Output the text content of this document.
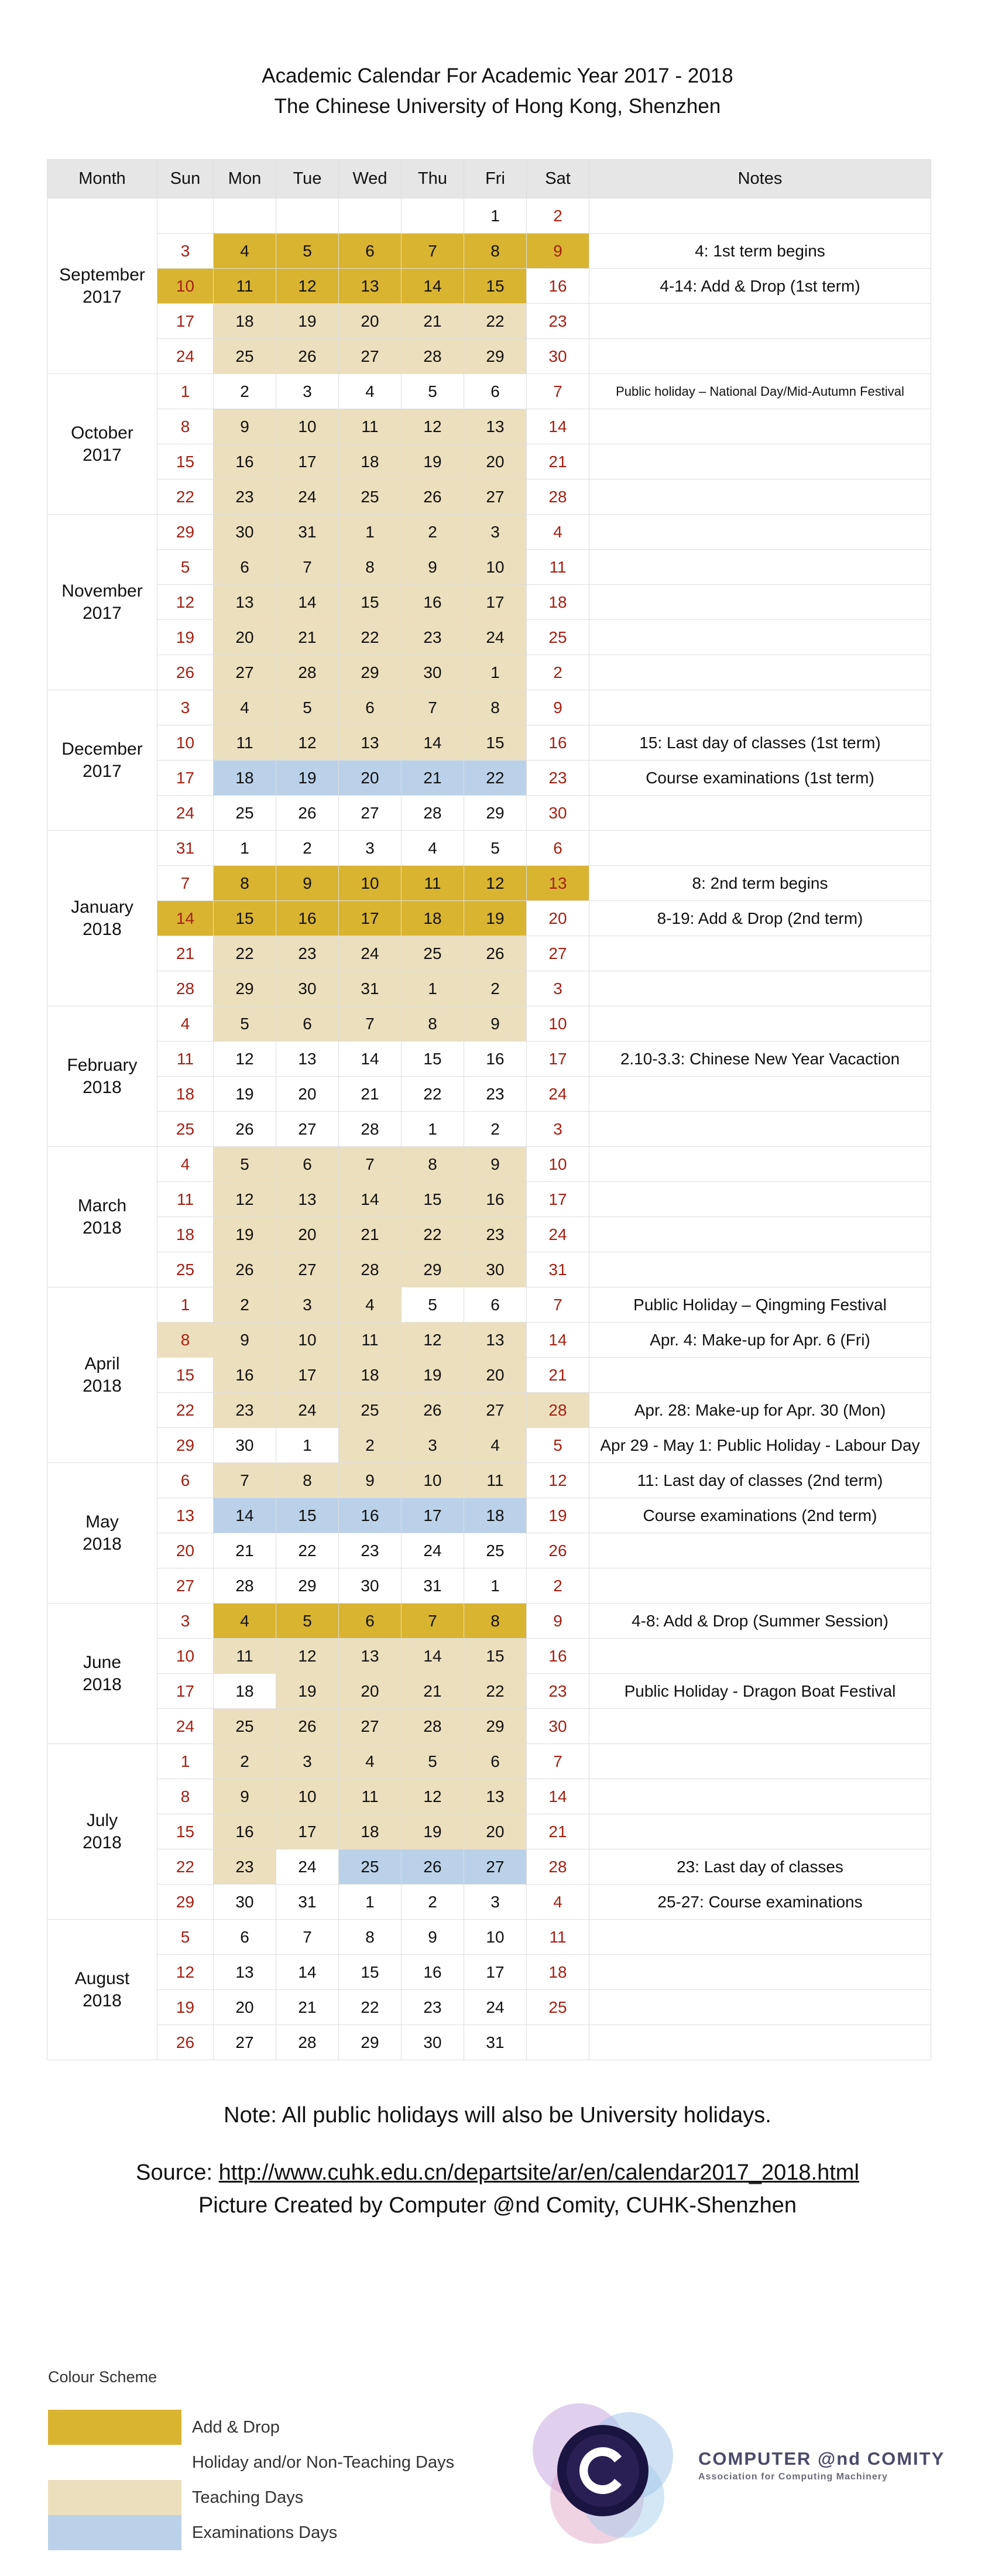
Academic Calendar For Academic Year 2017 - 2018
The Chinese University of Hong Kong, Shenzhen
Month	Sun	Mon	Tue	Wed	Thu	Fri	Sat	Notes

September
2017						1	2	
	3	4	5	6	7	8	9	4: 1st term begins
	10	11	12	13	14	15	16	4-14: Add & Drop (1st term)
	17	18	19	20	21	22	23	
	24	25	26	27	28	29	30	

October
2017	1	2	3	4	5	6	7	Public holiday – National Day/Mid-Autumn Festival
	8	9	10	11	12	13	14	
	15	16	17	18	19	20	21	
	22	23	24	25	26	27	28	

November
2017	29	30	31	1	2	3	4	
	5	6	7	8	9	10	11	
	12	13	14	15	16	17	18	
	19	20	21	22	23	24	25	
	26	27	28	29	30	1	2	

December
2017	3	4	5	6	7	8	9	
	10	11	12	13	14	15	16	15: Last day of classes (1st term)
	17	18	19	20	21	22	23	Course examinations (1st term)
	24	25	26	27	28	29	30	

January
2018	31	1	2	3	4	5	6	
	7	8	9	10	11	12	13	8: 2nd term begins
	14	15	16	17	18	19	20	8-19: Add & Drop (2nd term)
	21	22	23	24	25	26	27	
	28	29	30	31	1	2	3	

February
2018	4	5	6	7	8	9	10	
	11	12	13	14	15	16	17	2.10-3.3: Chinese New Year Vacaction
	18	19	20	21	22	23	24	
	25	26	27	28	1	2	3	

March
2018	4	5	6	7	8	9	10	
	11	12	13	14	15	16	17	
	18	19	20	21	22	23	24	
	25	26	27	28	29	30	31	

April
2018	1	2	3	4	5	6	7	Public Holiday – Qingming Festival
	8	9	10	11	12	13	14	Apr. 4: Make-up for Apr. 6 (Fri)
	15	16	17	18	19	20	21	
	22	23	24	25	26	27	28	Apr. 28: Make-up for Apr. 30 (Mon)
	29	30	1	2	3	4	5	Apr 29 - May 1: Public Holiday - Labour Day

May
2018	6	7	8	9	10	11	12	11: Last day of classes (2nd term)
	13	14	15	16	17	18	19	Course examinations (2nd term)
	20	21	22	23	24	25	26	
	27	28	29	30	31	1	2	

June
2018	3	4	5	6	7	8	9	4-8: Add & Drop (Summer Session)
	10	11	12	13	14	15	16	
	17	18	19	20	21	22	23	Public Holiday - Dragon Boat Festival
	24	25	26	27	28	29	30	

July
2018	1	2	3	4	5	6	7	
	8	9	10	11	12	13	14	
	15	16	17	18	19	20	21	
	22	23	24	25	26	27	28	23: Last day of classes
	29	30	31	1	2	3	4	25-27: Course examinations

August
2018	5	6	7	8	9	10	11	
	12	13	14	15	16	17	18	
	19	20	21	22	23	24	25	
	26	27	28	29	30	31		
Note: All public holidays will also be University holidays.
Source: http://www.cuhk.edu.cn/departsite/ar/en/calendar2017_2018.html
Picture Created by Computer @nd Comity, CUHK-Shenzhen
Colour Scheme
Add & Drop
Holiday and/or Non-Teaching Days
Teaching Days
Examinations Days
COMPUTER @nd COMITY
Association for Computing Machinery
